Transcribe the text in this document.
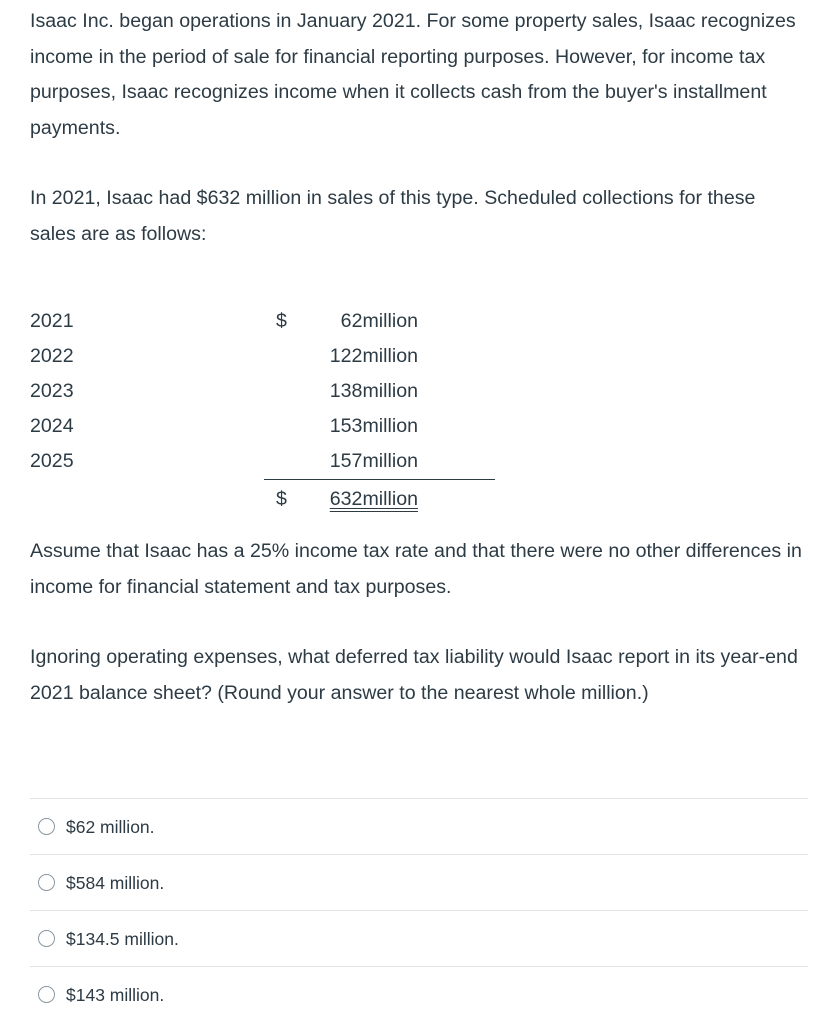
Isaac Inc. began operations in January 2021. For some property sales, Isaac recognizes income in the period of sale for financial reporting purposes. However, for income tax purposes, Isaac recognizes income when it collects cash from the buyer's installment payments.

In 2021, Isaac had $632 million in sales of this type. Scheduled collections for these sales are as follows:

2021	$	62million
2022	122million
2023	138million
2024	153million
2025	157million
$ 632million

Assume that Isaac has a 25% income tax rate and that there were no other differences in income for financial statement and tax purposes.

Ignoring operating expenses, what deferred tax liability would Isaac report in its year-end 2021 balance sheet? (Round your answer to the nearest whole million.)

$62 million.
$584 million.
$134.5 million.
$143 million.
